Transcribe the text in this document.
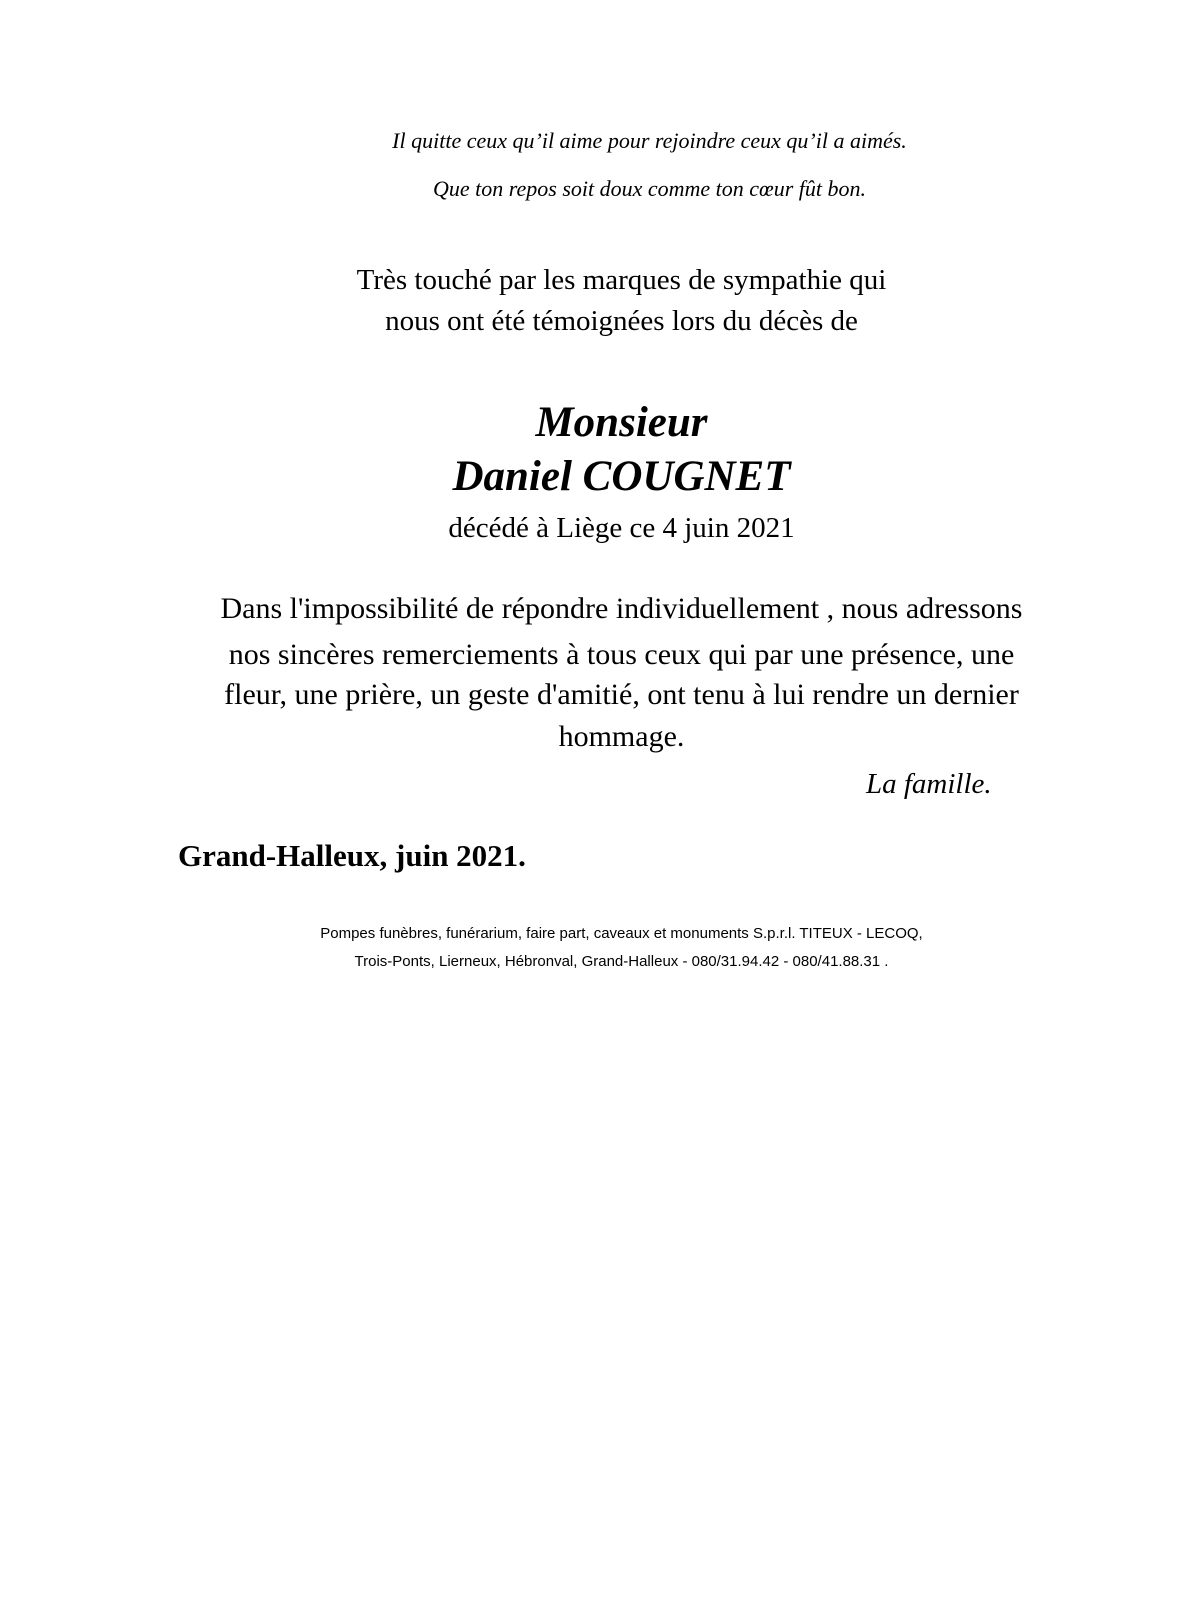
Il quitte ceux qu’il aime pour rejoindre ceux qu’il a aimés.

Que ton repos soit doux comme ton cœur fût bon.

Très touché par les marques de sympathie qui

nous ont été témoignées lors du décès de

Monsieur

Daniel COUGNET

décédé à Liège ce 4 juin 2021

Dans l'impossibilité de répondre individuellement , nous adressons

nos sincères remerciements à tous ceux qui par une présence, une

fleur, une prière, un geste d'amitié, ont tenu à lui rendre un dernier

hommage.

La famille.

Grand-Halleux, juin 2021.

Pompes funèbres, funérarium, faire part, caveaux et monuments S.p.r.l. TITEUX - LECOQ,

Trois-Ponts, Lierneux, Hébronval, Grand-Halleux - 080/31.94.42 - 080/41.88.31 .
